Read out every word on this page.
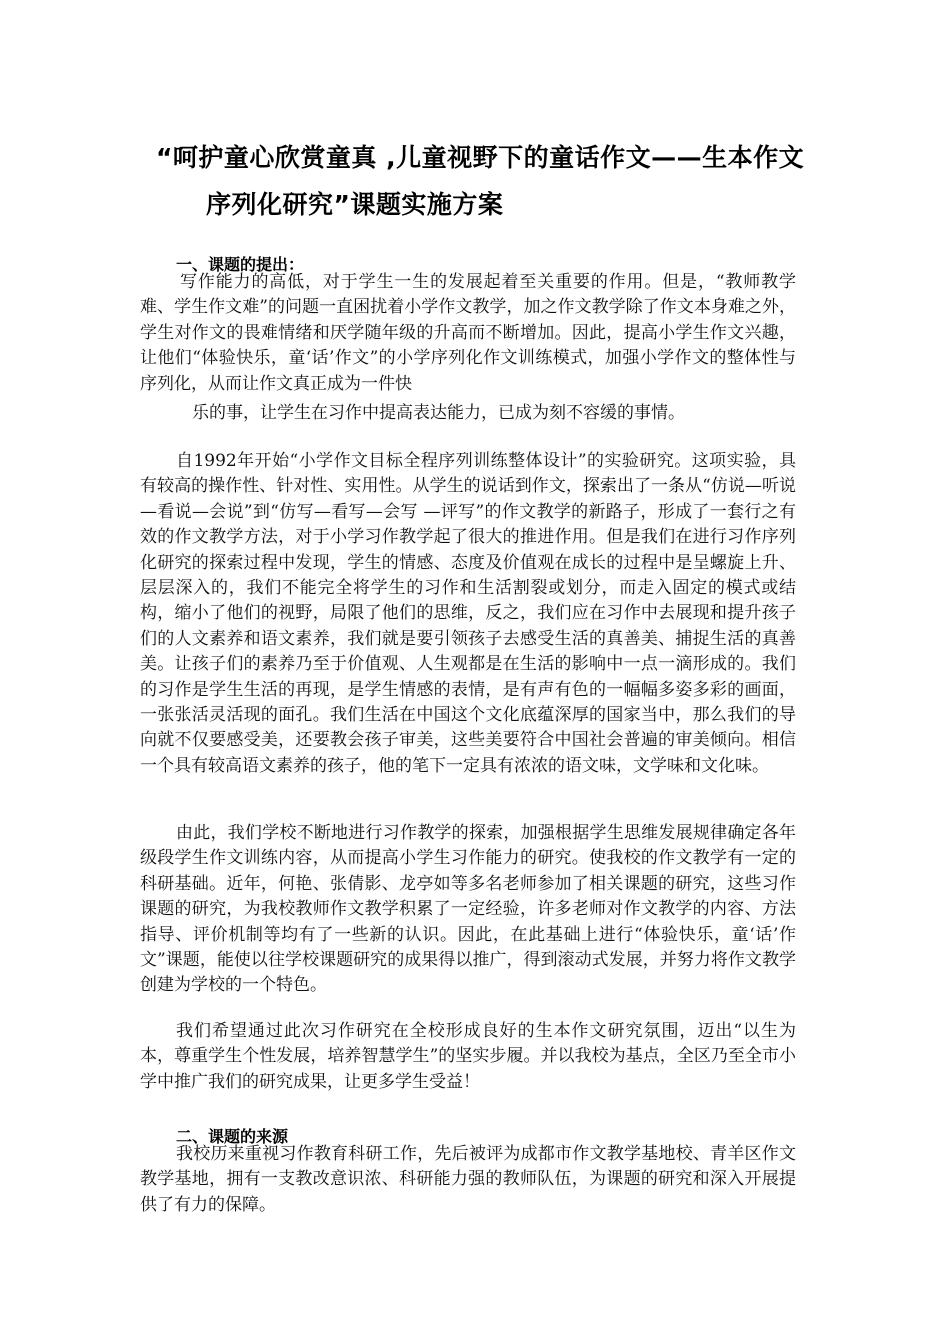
“呵护童心欣赏童真 ,儿童视野下的童话作文——生本作文
序列化研究”课题实施方案
一、课题的提出：
写作能力的高低，对于学生一生的发展起着至关重要的作用。但是，“教师教学难、学生作文难”的问题一直困扰着小学作文教学，加之作文教学除了作文本身难之外，学生对作文的畏难情绪和厌学随年级的升高而不断增加。因此，提高小学生作文兴趣，让他们“体验快乐，童‘话’作文”的小学序列化作文训练模式，加强小学作文的整体性与序列化，从而让作文真正成为一件快
乐的事，让学生在习作中提高表达能力，已成为刻不容缓的事情。
自1992年开始“小学作文目标全程序列训练整体设计”的实验研究。这项实验，具有较高的操作性、针对性、实用性。从学生的说话到作文，探索出了一条从“仿说—听说—看说—会说”到“仿写—看写—会写 —评写”的作文教学的新路子，形成了一套行之有效的作文教学方法，对于小学习作教学起了很大的推进作用。但是我们在进行习作序列化研究的探索过程中发现，学生的情感、态度及价值观在成长的过程中是呈螺旋上升、层层深入的，我们不能完全将学生的习作和生活割裂或划分，而走入固定的模式或结构，缩小了他们的视野，局限了他们的思维，反之，我们应在习作中去展现和提升孩子们的人文素养和语文素养，我们就是要引领孩子去感受生活的真善美、捕捉生活的真善美。让孩子们的素养乃至于价值观、人生观都是在生活的影响中一点一滴形成的。我们的习作是学生生活的再现，是学生情感的表情，是有声有色的一幅幅多姿多彩的画面，一张张活灵活现的面孔。我们生活在中国这个文化底蕴深厚的国家当中，那么我们的导向就不仅要感受美，还要教会孩子审美，这些美要符合中国社会普遍的审美倾向。相信一个具有较高语文素养的孩子，他的笔下一定具有浓浓的语文味，文学味和文化味。
由此，我们学校不断地进行习作教学的探索，加强根据学生思维发展规律确定各年级段学生作文训练内容，从而提高小学生习作能力的研究。使我校的作文教学有一定的科研基础。近年，何艳、张倩影、龙亭如等多名老师参加了相关课题的研究，这些习作课题的研究，为我校教师作文教学积累了一定经验，许多老师对作文教学的内容、方法指导、评价机制等均有了一些新的认识。因此，在此基础上进行“体验快乐，童‘话’作文”课题，能使以往学校课题研究的成果得以推广，得到滚动式发展，并努力将作文教学创建为学校的一个特色。
我们希望通过此次习作研究在全校形成良好的生本作文研究氛围，迈出“以生为本，尊重学生个性发展，培养智慧学生”的坚实步履。并以我校为基点，全区乃至全市小学中推广我们的研究成果，让更多学生受益！
二、课题的来源
我校历来重视习作教育科研工作，先后被评为成都市作文教学基地校、青羊区作文教学基地，拥有一支教改意识浓、科研能力强的教师队伍，为课题的研究和深入开展提供了有力的保障。
